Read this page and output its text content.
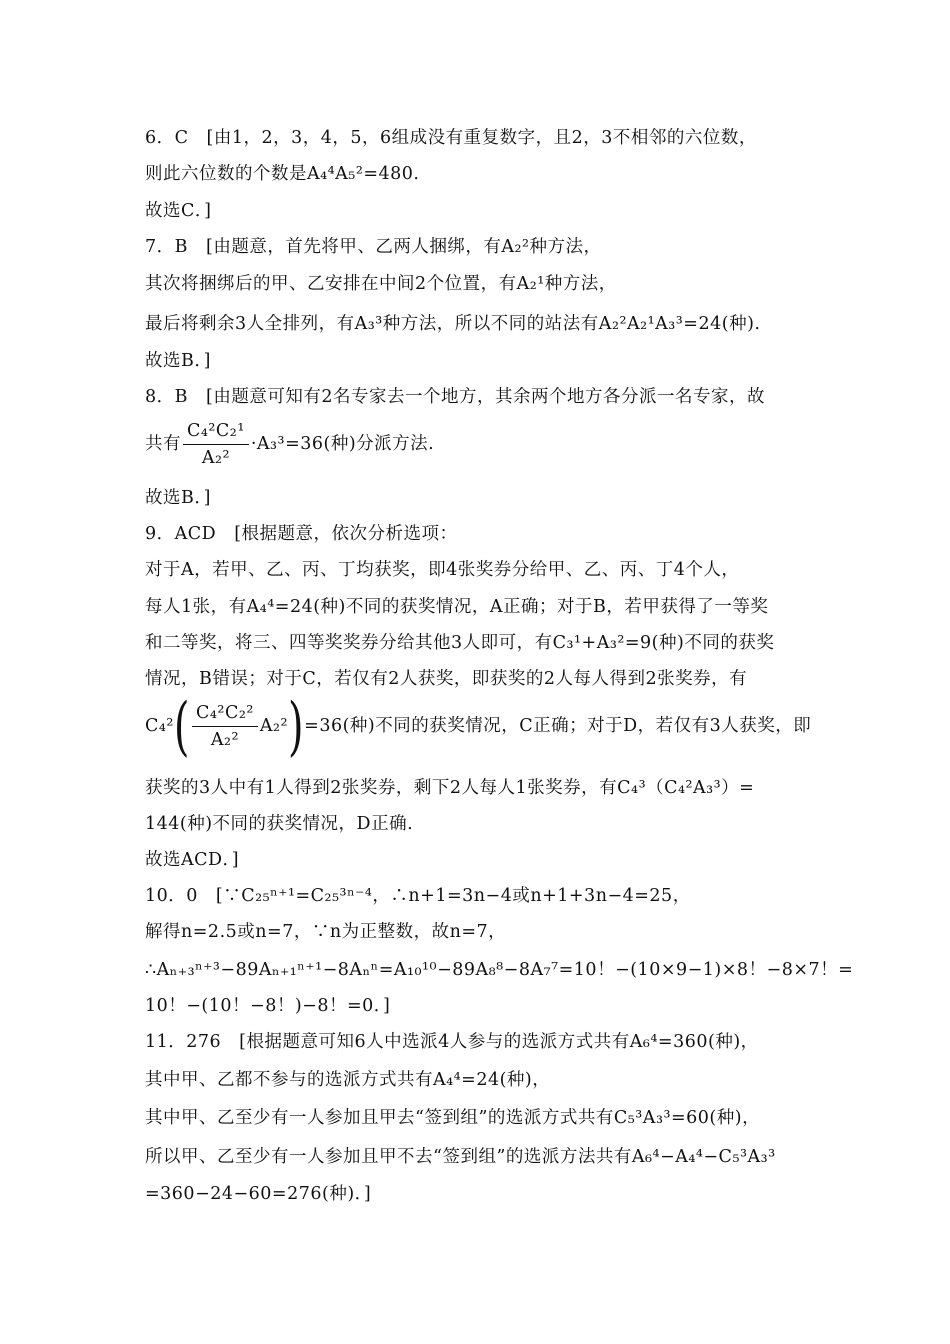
6．C　[由1，2，3，4，5，6组成没有重复数字，且2，3不相邻的六位数，
则此六位数的个数是A₄⁴A₅²=480.
故选C．]
7．B　[由题意，首先将甲、乙两人捆绑，有A₂²种方法，
其次将捆绑后的甲、乙安排在中间2个位置，有A₂¹种方法，
最后将剩余3人全排列，有A₃³种方法，所以不同的站法有A₂²A₂¹A₃³=24(种).
故选B．]
8．B　[由题意可知有2名专家去一个地方，其余两个地方各分派一名专家，故
共有 $\frac{\text{C₄²C₂¹}}{\text{A₂²}} \cdot A_3^3=36$(种)分派方法.
故选B．]
9．ACD　[根据题意，依次分析选项：
对于A，若甲、乙、丙、丁均获奖，即4张奖券分给甲、乙、丙、丁4个人，
每人1张，有A₄⁴=24(种)不同的获奖情况，A正确；对于B，若甲获得了一等奖
和二等奖，将三、四等奖奖券分给其他3人即可，有C₃¹+A₃²=9(种)不同的获奖
情况，B错误；对于C，若仅有2人获奖，即获奖的2人每人得到2张奖券，有
$C_4^2( \frac{\text{C₄²C₂²}}{\text{A₂²}} A_2^2)=36$(种)不同的获奖情况，C正确；对于D，若仅有3人获奖，即
获奖的3人中有1人得到2张奖券，剩下2人每人1张奖券，有C₄³（C₄²A₃³）=
144(种)不同的获奖情况，D正确.
故选ACD．]
10．0　[∵C₂₅ⁿ⁺¹=C₂₅³ⁿ⁻⁴，∴n+1=3n−4或n+1+3n−4=25，
解得n=2.5或n=7，∵n为正整数，故n=7，
∴Aₙ₊₃ⁿ⁺³−89Aₙ₊₁ⁿ⁺¹−8Aₙⁿ=A₁₀¹⁰−89A₈⁸−8A₇⁷=10！−(10×9−1)×8！−8×7！=
10！−(10！−8！)−8！=0．]
11．276　[根据题意可知6人中选派4人参与的选派方式共有A₆⁴=360(种)，
其中甲、乙都不参与的选派方式共有A₄⁴=24(种)，
其中甲、乙至少有一人参加且甲去“签到组”的选派方式共有C₅³A₃³=60(种)，
所以甲、乙至少有一人参加且甲不去“签到组”的选派方法共有A₆⁴−A₄⁴−C₅³A₃³
=360−24−60=276(种)．]
